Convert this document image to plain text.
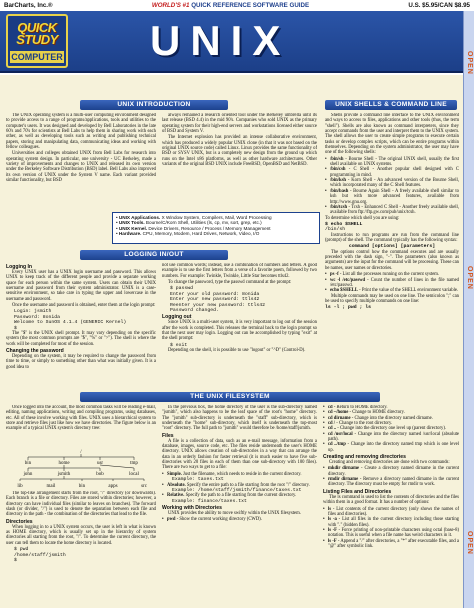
BarCharts, Inc.®	WORLD'S #1 QUICK REFERENCE SOFTWARE GUIDE	U.S. $5.95/CAN $8.95
QUICK STUDY
COMPUTER UNIX	OPEN
OPEN
OPEN
UNIX INTRODUCTION	UNIX SHELLS & COMMAND LINE
LOGGING IN/OUT
THE UNIX FILESYSTEM

The UNIX operating system is a multi-user computing environment designed to provide access to a range of programs/applications, tools and utilities to the computer's users. It was designed and developed by Bell Laboratories in the late 60's and 70's for scientists at Bell Labs to help them in sharing work with each other, as well as developing tools such as writing and publishing technical papers, storing and manipulating data, communicating ideas and working with fellow colleagues.

Universities and colleges obtained UNIX from Bell Labs for research into operating system design. In particular, one university - UC Berkeley, made a variety of improvements and changes to UNIX and released its own version under the Berkeley Software Distribution (BSD) label. Bell Labs also improved its own version of UNIX under the System V name. Each variant provided similar functionality, but BSD

always remained a research oriented tool under the Berkeley umbrella until its last release (BSD 4.4) in the mid 90's. Companies who sold UNIX as the primary operating system for their high-end servers and workstations licensed either source of BSD and System V.

The Internet explosion has provided an intense collaborative environment, which has produced a widely popular UNIX clone (in that it was not based on the original UNIX source code) called Linux. Linux provides the same functionality of BSD or SYSV UNIX, but is a completely new design from the ground up which runs on the Intel x86 platforms, as well as other hardware architectures. Other variants of the original BSD UNIX include FreeBSD, OpenBSD and NetBSD.

• UNIX Applications. X Window System, Compilers, Mail, Word Processing
• UNIX Tools. Bourne/C/Korn Shell, Utilities (ls, cp, mv, sort, grep, etc.)
• UNIX Kernel. Device Drivers, Resource / Process / Memory Management
• Hardware. CPU, Memory, Modem, Hard Drives, Network, Video, I/O

Shells provide a command line interface to the UNIX environment and ways to access to files, applications and other tools (thus, the term "shell"). Shells are also known as command interpreters, since they accept commands from the user and interpret them to the UNIX system. The shell allows the user to create simple programs to execute certain tasks or develop complex scripts, which can be entire programs within themselves. Depending on the system administrator, the user may have one of the following shells:

• /bin/sh - Bourne Shell - The original UNIX shell, usually the first shell available on UNIX systems.
• /bin/csh - C Shell - Another popular shell designed with C programming in mind.
• /bin/ksh - Korn Shell - An advanced version of the Bourne Shell, which incorporated many of the C Shell features.
• /bin/bash - Bourne Again Shell - A freely available shell similar to ksh but with more advanced features, available from http://www.gnu.org.
• /bin/tcsh - Tcsh - Enhanced C Shell - Another freely available shell, available from ftp://ftp.gw.com/pub/unix/tcsh.

To determine which shell you are using:

$ echo $SHELL
/bin/sh

Instructions to run programs are run from the command line (prompt) of the shell. The command typically has the following syntax:

command [options] [parameters]

The options control how the command executes and are usually preceded with the dash sign, "-". The parameters (also known as arguments) are the input for the command will be processing. These can be names, user names or directories.

• ps -f - List all the processes running on the current system.
• wc -l /etc/passwd - Count the number of lines in the file named /etc/passwd.
• echo $SHELL - Print the value of the SHELL environment variable.

Multiple commands may be used on one line. The semicolon ";" can be used to specify multiple commands on one line:

ls -l ; pwd ; ls
Logging In

Every UNIX user has a UNIX login username and password. This allows UNIX to keep track of the different people and provide a separate working space for each person within the same system. Users can obtain their UNIX username and password from their system administrator. UNIX is a case-sensitive environment, so take care in typing the upper and lowercase in the username and password.

Once the username and password is obtained, enter them at the login prompt:

Login: jsmith
Password: 8onida
Welcome to SunOS 4.1.4 (GENERIC Kernel)
$

The "$" is the UNIX shell prompt. It may vary depending on the specific system (the most common prompts are "$", "%" or ">"). The shell is where the work will be completed for most of the session.

Changing the password

Depending on the system, it may be required to change the password from time to time, or simply to something other than what was initially given. It is a good idea to

not use common words; instead, use a combination of numbers and letters. A good example is to use the first letters from a verse of a favorite poem, followed by two numbers. For example: Twinkle, Twinkle, Little Star becomes ttls42.

To change the password, type the passwd command at the prompt:

$ passwd
Enter your old password: 8onida
Enter your new password: ttls42
Reenter your new password: ttls42
Password changed.
Logging out

Since UNIX is a multi-user system, it is very important to log out of the session after the work is completed. This releases the terminal back to the login prompt so that the next user may login. Logging out can be accomplished by typing "exit" at the shell prompt:

$ exit

Depending on the shell, it is possible to use "logout" or "^D" (Control-D).

Once logged into the account, the most common tasks will be reading e-mail, editing, naming applications, writing and compiling programs, using databases, etc. All of these involve working with files. UNIX uses a hierarchical system to store and retrieve files just like how we have directories. The figure below is an example of a typical UNIX system's directory tree:

/
bin	home	usr	tmp
john	jsmith	bob	local
lib	mail	bin	apps	src

The top-like arrangement starts from the root, "/" directory (or downwards). Each branch is a file or directory. Files are stored within directories; however, a directory can have individual files (similar to leaves on branches). The forward slash (or divider, "/") is used to denote the separation between each file and directory in the path - the combination of the directories that lead to the file.

Directories

When logging in to a UNIX system occurs, the user is left in what is known as HOME directory, which is usually set up in the hierarchy of system directories all starting from the root, "/". To determine the current directory, the user can tell them to locate the home directory is located.

$ pwd
/home/staff/jsmith
$

In the previous box, the home directory of the user is the sub-directory named "jsmith", which also happens to be the leaf space of the root's "home" directory. The "jsmith" sub-directory is underneath the "staff" sub-directory, which is underneath the "home" sub-directory, which itself is underneath the top-most "root" directory. The full path to "jsmith" would therefore be /home/staff/jsmith.

Files

A file is a collection of data, such as an e-mail message, information from a database, images, source code, etc. The files reside underneath the user's HOME directory. UNIX allows creation of sub-directories in a way that can arrange the data in an orderly fashion for faster retrieval (it is much easier to have five sub-directories with 20 files in each of them than one sub-directory with 100 files). There are two ways to get to a file:

• Simple. Just the filename, which needs to reside in the current directory.
Example: taxes.txt
• Absolute. Specify the entire path to a file starting from the root "/" directory.
Example: /home/staff/jsmith/finance/taxes.txt
• Relative. Specify the path to a file starting from the current directory.
Example: finance/taxes.txt
Working with Directories

UNIX provides the ability to move swiftly within the UNIX filesystem.

• pwd - Show the current working directory (CWD).
• cd - Return to HOME directory.
• cd ~/home - Change to HOME directory.
• cd dirname - Change into the directory named dirname.
• cd / - Change to the root directory.
• cd .. - Change into the directory one level up (parent directory).
• cd /usr/local - Change into the directory named /usr/local (absolute path).
• cd ../tmp - Change into the directory named tmp which is one level up.
Creating and removing directories

Creating and removing directories are done with two commands:

• mkdir dirname - Create a directory named dirname in the current directory.
• rmdir dirname - Remove a directory named dirname in the current directory. The directory must be empty for rmdir to work.
Listing Files and Directories

The ls command is used to list the contents of directories and the files within them in a good format. It has a number of options:

• ls - List contents of the current directory (only shows the names of files and directories).
• ls -a - List all files in the current directory including those starting with "." (hidden files).
• ls -F - Force printing of non-printable characters using octal (base-8) notation. This is useful when a file name has weird characters in it.
• ls -F - Append a "/" after directories, a "*" after executable files, and a "@" after symbolic link.
